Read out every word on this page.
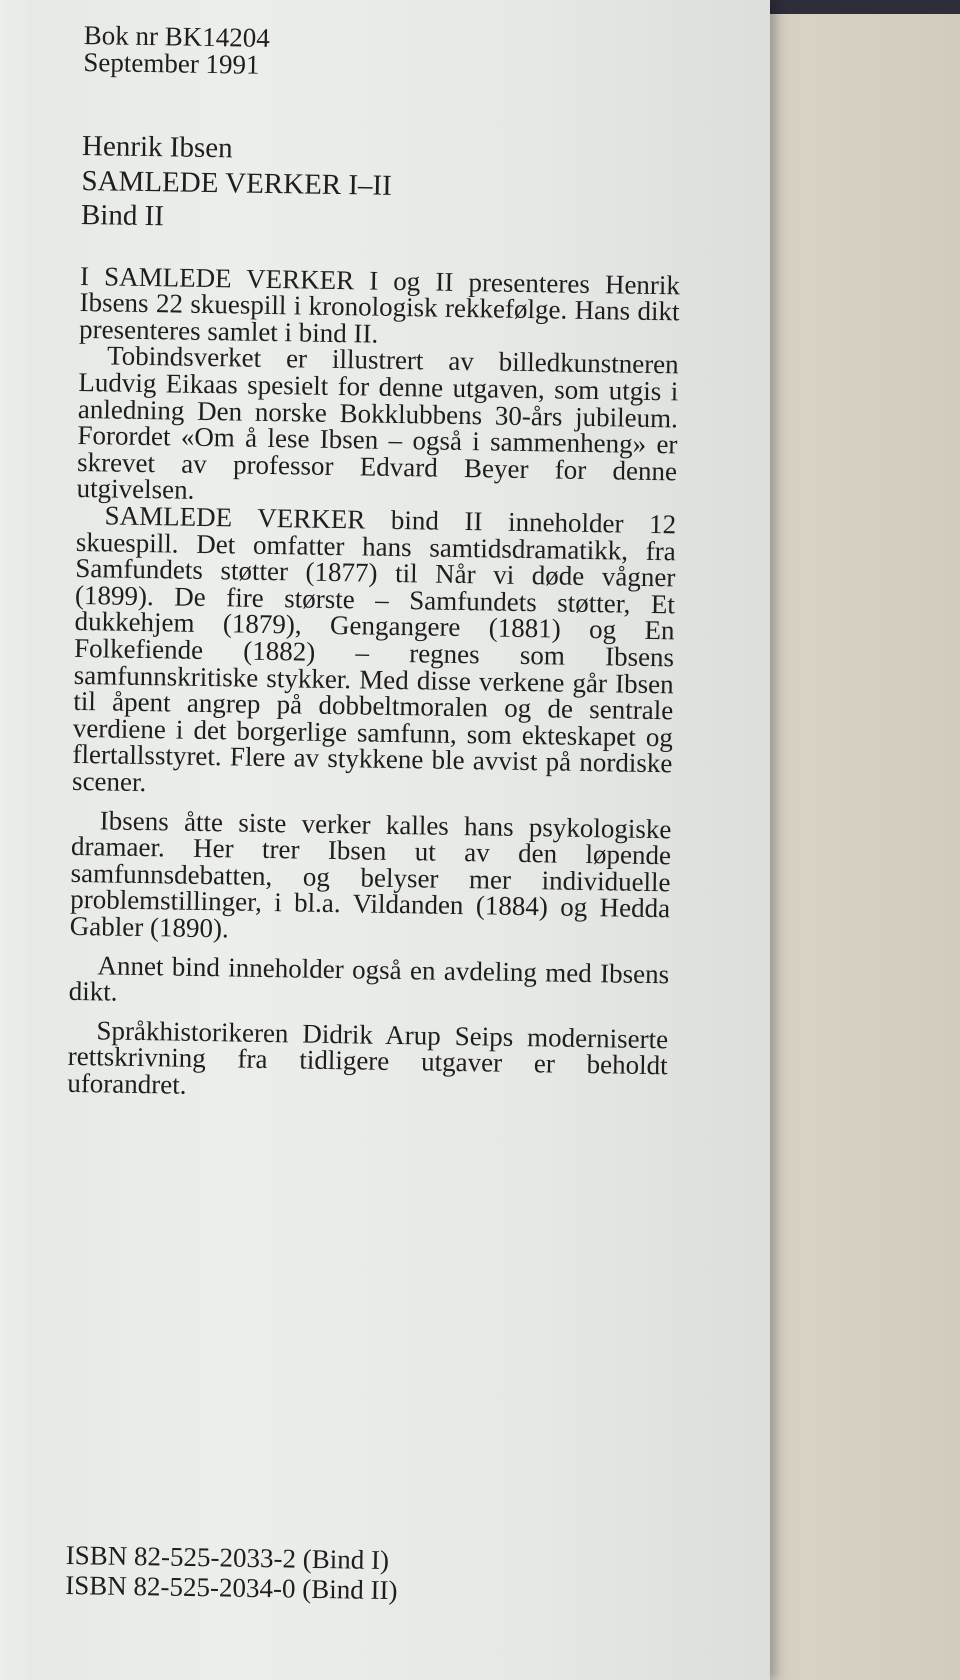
Bok nr BK14204
September 1991
Henrik Ibsen
SAMLEDE VERKER I–II
Bind II

I SAMLEDE VERKER I og II presenteres Henrik Ibsens 22 skuespill i kronologisk rekkefølge. Hans dikt presenteres samlet i bind II.

Tobindsverket er illustrert av billedkunstneren Ludvig Eikaas spesielt for denne utgaven, som utgis i anledning Den norske Bokklubbens 30-års jubileum. Forordet «Om å lese Ibsen – også i sammenheng» er skrevet av professor Edvard Beyer for denne utgivelsen.

SAMLEDE VERKER bind II inneholder 12 skuespill. Det omfatter hans samtidsdramatikk, fra Samfundets støtter (1877) til Når vi døde vågner (1899). De fire største – Samfundets støtter, Et dukkehjem (1879), Gengangere (1881) og En Folkefiende (1882) – regnes som Ibsens samfunnskritiske stykker. Med disse verkene går Ibsen til åpent angrep på dobbeltmoralen og de sentrale verdiene i det borgerlige samfunn, som ekteskapet og flertallsstyret. Flere av stykkene ble avvist på nordiske scener.

Ibsens åtte siste verker kalles hans psykologiske dramaer. Her trer Ibsen ut av den løpende samfunnsdebatten, og belyser mer individuelle problemstillinger, i bl.a. Vildanden (1884) og Hedda Gabler (1890).

Annet bind inneholder også en avdeling med Ibsens dikt.

Språkhistorikeren Didrik Arup Seips moderniserte rettskrivning fra tidligere utgaver er beholdt uforandret.

ISBN 82-525-2033-2 (Bind I)
ISBN 82-525-2034-0 (Bind II)
